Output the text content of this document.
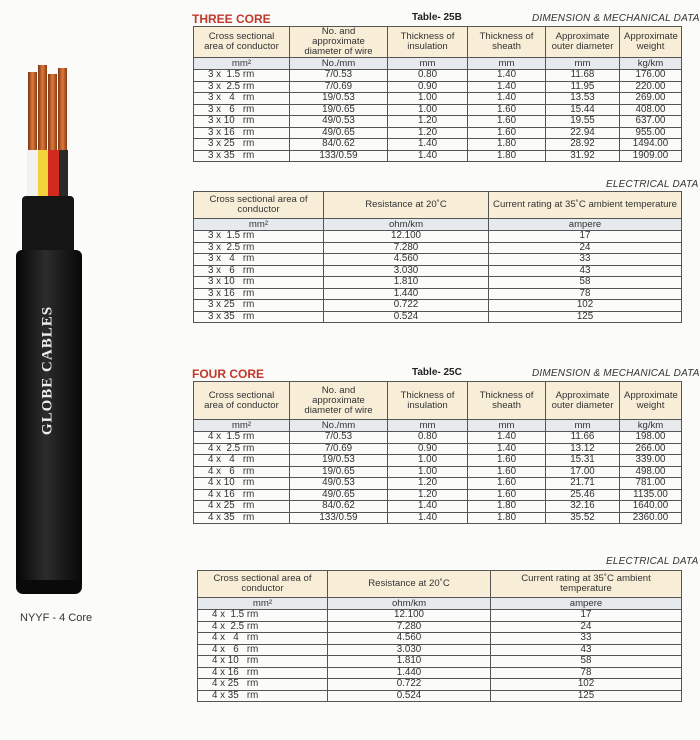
GLOBE CABLES
NYYF - 4 Core
THREE CORE	Table- 25B	DIMENSION & MECHANICAL DATA
Cross sectional area of conductor	No. and approximate diameter of wire	Thickness of insulation	Thickness of sheath	Approximate outer diameter	Approximate weight
mm²	No./mm	mm	mm	mm	kg/km
3 x  1.5 rm	7/0.53	0.80	1.40	11.68	176.00
3 x  2.5 rm	7/0.69	0.90	1.40	11.95	220.00
3 x   4   rm	19/0.53	1.00	1.40	13.53	269.00
3 x   6   rm	19/0.65	1.00	1.60	15.44	408.00
3 x 10   rm	49/0.53	1.20	1.60	19.55	637.00
3 x 16   rm	49/0.65	1.20	1.60	22.94	955.00
3 x 25   rm	84/0.62	1.40	1.80	28.92	1494.00
3 x 35   rm	133/0.59	1.40	1.80	31.92	1909.00
ELECTRICAL DATA
Cross sectional area of conductor	Resistance at 20˚C	Current rating at 35˚C ambient temperature
mm²	ohm/km	ampere
3 x  1.5 rm	12.100	17
3 x  2.5 rm	7.280	24
3 x   4   rm	4.560	33
3 x   6   rm	3.030	43
3 x 10   rm	1.810	58
3 x 16   rm	1.440	78
3 x 25   rm	0.722	102
3 x 35   rm	0.524	125
FOUR CORE	Table- 25C	DIMENSION & MECHANICAL DATA
Cross sectional area of conductor	No. and approximate diameter of wire	Thickness of insulation	Thickness of sheath	Approximate outer diameter	Approximate weight
mm²	No./mm	mm	mm	mm	kg/km
4 x  1.5 rm	7/0.53	0.80	1.40	11.66	198.00
4 x  2.5 rm	7/0.69	0.90	1.40	13.12	266.00
4 x   4   rm	19/0.53	1.00	1.60	15.31	339.00
4 x   6   rm	19/0.65	1.00	1.60	17.00	498.00
4 x 10   rm	49/0.53	1.20	1.60	21.71	781.00
4 x 16   rm	49/0.65	1.20	1.60	25.46	1135.00
4 x 25   rm	84/0.62	1.40	1.80	32.16	1640.00
4 x 35   rm	133/0.59	1.40	1.80	35.52	2360.00
ELECTRICAL DATA
Cross sectional area of conductor	Resistance at 20˚C	Current rating at 35˚C ambient temperature
mm²	ohm/km	ampere
4 x  1.5 rm	12.100	17
4 x  2.5 rm	7.280	24
4 x   4   rm	4.560	33
4 x   6   rm	3.030	43
4 x 10   rm	1.810	58
4 x 16   rm	1.440	78
4 x 25   rm	0.722	102
4 x 35   rm	0.524	125
